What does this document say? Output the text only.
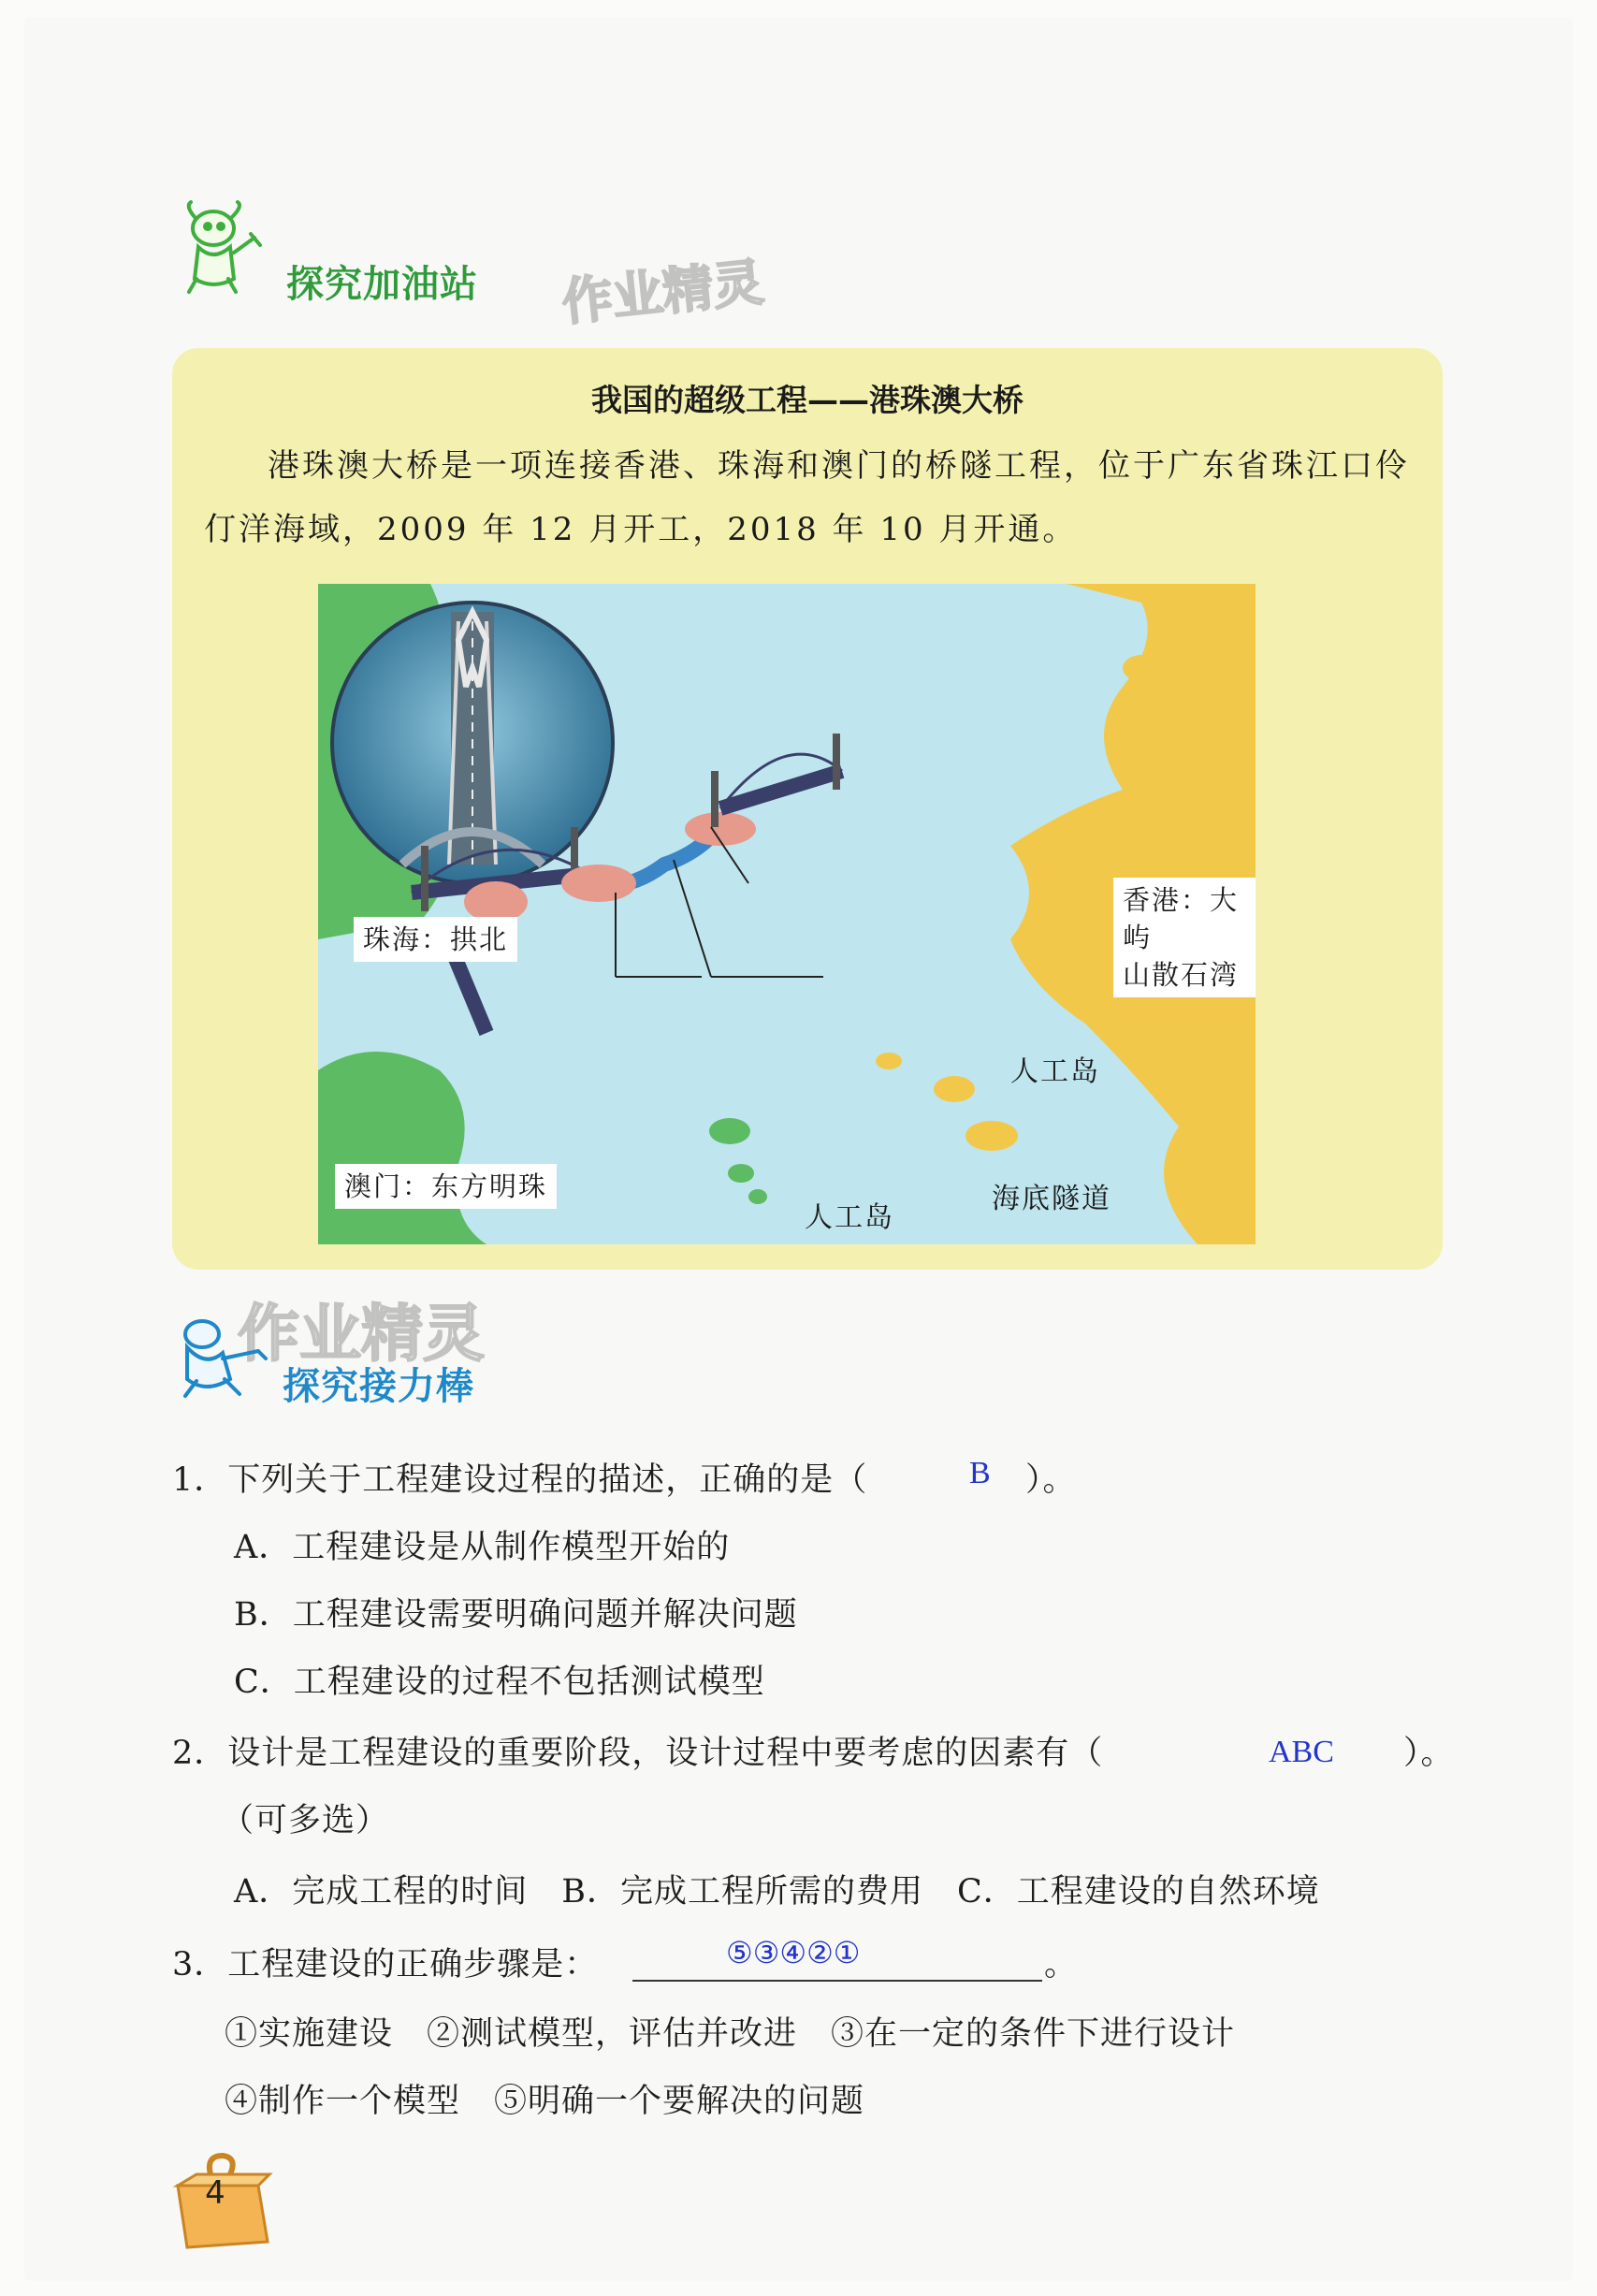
探究加油站 作业精灵
我国的超级工程——港珠澳大桥
港珠澳大桥是一项连接香港、珠海和澳门的桥隧工程，位于广东省珠江口伶仃洋海域，2009 年 12 月开工，2018 年 10 月开通。
珠海：拱北
澳门：东方明珠
香港：大屿
山散石湾
人工岛
人工岛
海底隧道
作业精灵
探究接力棒
1．下列关于工程建设过程的描述，正确的是（	B ）。
A．工程建设是从制作模型开始的
B．工程建设需要明确问题并解决问题
C．工程建设的过程不包括测试模型
2．设计是工程建设的重要阶段，设计过程中要考虑的因素有（	ABC ）。
（可多选）
A．完成工程的时间　B．完成工程所需的费用　C．工程建设的自然环境
3．工程建设的正确步骤是：	⑤③④②①	。
①实施建设　②测试模型，评估并改进　③在一定的条件下进行设计
④制作一个模型　⑤明确一个要解决的问题
4
